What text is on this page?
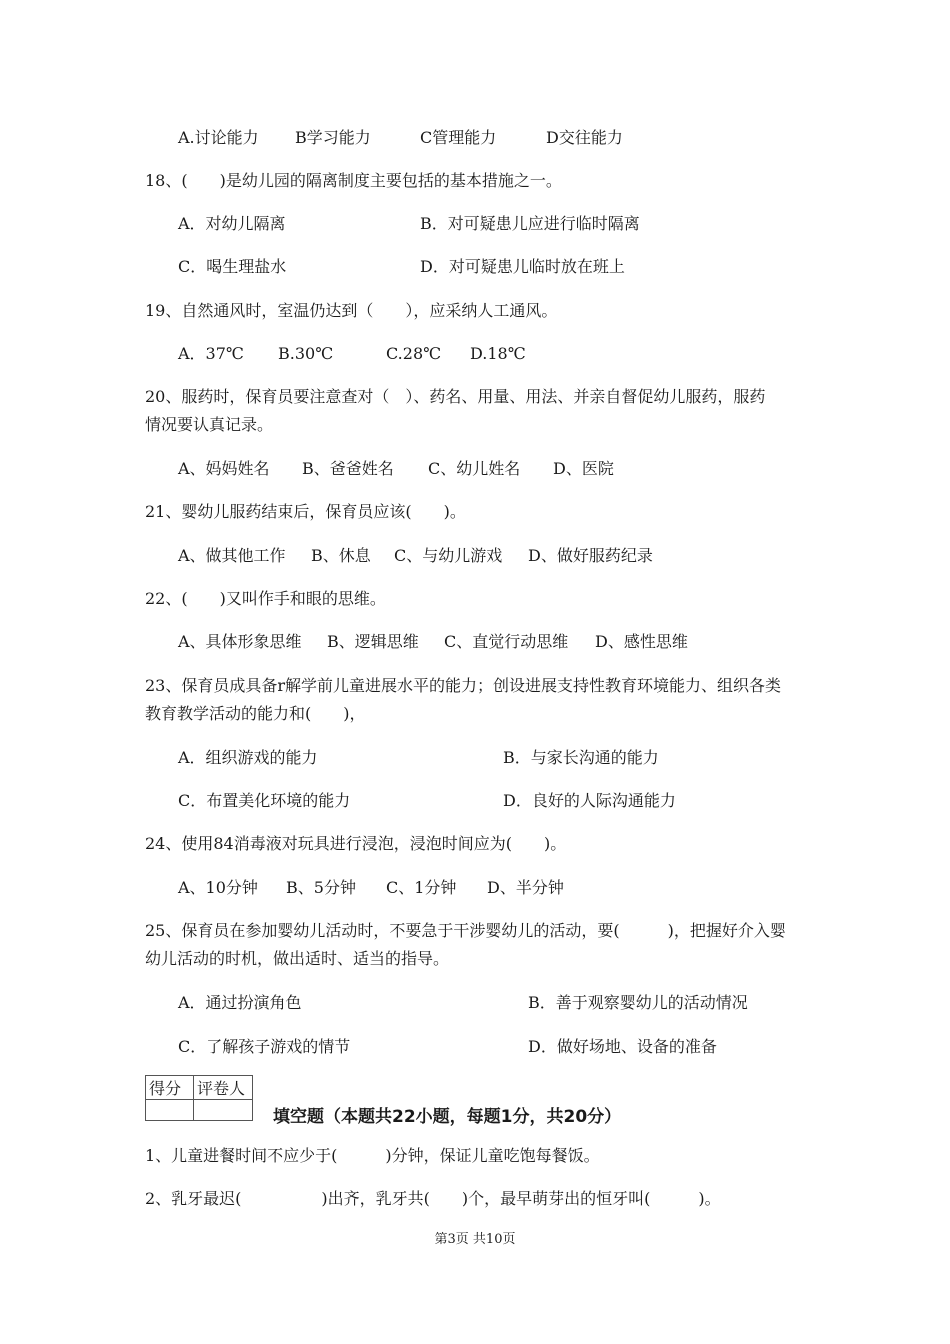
A.讨论能力 B学习能力	C管理能力	D交往能力
18、(　　)是幼儿园的隔离制度主要包括的基本措施之一。
A．对幼儿隔离	B．对可疑患儿应进行临时隔离
C．喝生理盐水	D．对可疑患儿临时放在班上
19、自然通风时，室温仍达到（　　），应采纳人工通风。
A．37℃ B.30℃	C.28℃ D.18℃
20、服药时，保育员要注意查对（　）、药名、用量、用法、并亲自督促幼儿服药，服药
情况要认真记录。
A、妈妈姓名 B、爸爸姓名 C、幼儿姓名 D、医院
21、婴幼儿服药结束后，保育员应该(　　)。
A、做其他工作 B、休息 C、与幼儿游戏 D、做好服药纪录
22、(　　)又叫作手和眼的思维。
A、具体形象思维 B、逻辑思维 C、直觉行动思维 D、感性思维
23、保育员成具备r解学前儿童进展水平的能力；创设进展支持性教育环境能力、组织各类
教育教学活动的能力和(　　)，
A．组织游戏的能力	B．与家长沟通的能力
C．布置美化环境的能力	D．良好的人际沟通能力
24、使用84消毒液对玩具进行浸泡，浸泡时间应为(　　)。
A、10分钟 B、5分钟 C、1分钟 D、半分钟
25、保育员在参加婴幼儿活动时，不要急于干涉婴幼儿的活动，要(　　　)，把握好介入婴
幼儿活动的时机，做出适时、适当的指导。
A．通过扮演角色	B．善于观察婴幼儿的活动情况
C．了解孩子游戏的情节	D．做好场地、设备的准备
得分	评卷人

填空题（本题共22小题，每题1分，共20分）
1、儿童进餐时间不应少于(　　　)分钟，保证儿童吃饱每餐饭。
2、乳牙最迟(　　　　　)出齐，乳牙共(　　)个，最早萌芽出的恒牙叫(　　　)。
第3页 共10页
